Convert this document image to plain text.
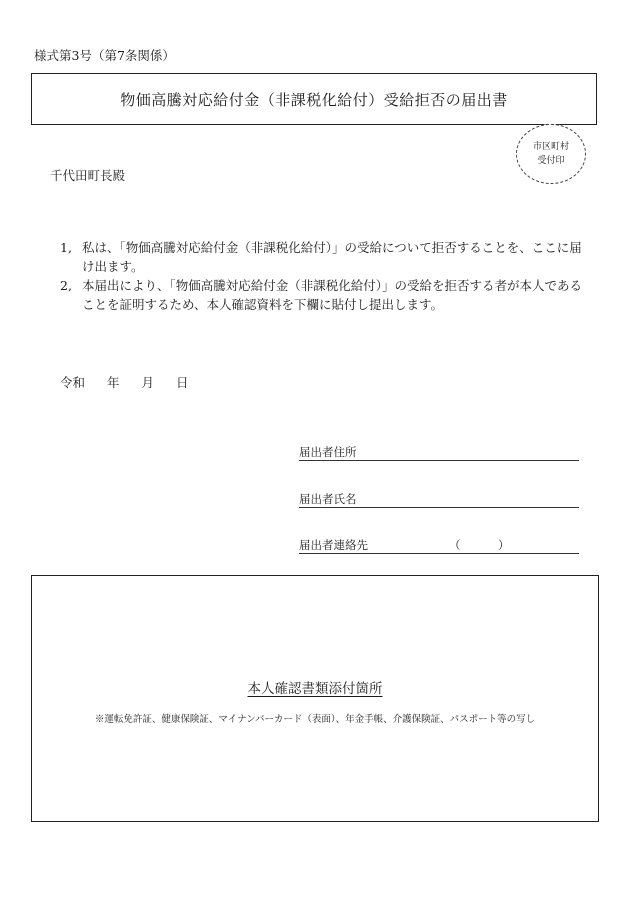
様式第3号（第7条関係）
物価高騰対応給付金（非課税化給付）受給拒否の届出書
市区町村
受付印
千代田町長殿
1, 私は、「物価高騰対応給付金（非課税化給付）」の受給について拒否することを、ここに届け出ます。
2, 本届出により、「物価高騰対応給付金（非課税化給付）」の受給を拒否する者が本人であることを証明するため、本人確認資料を下欄に貼付し提出します。
令和 年 月 日
届出者住所
届出者氏名
届出者連絡先	（	）
本人確認書類添付箇所
※運転免許証、健康保険証、マイナンバーカード（表面）、年金手帳、介護保険証、パスポート等の写し
